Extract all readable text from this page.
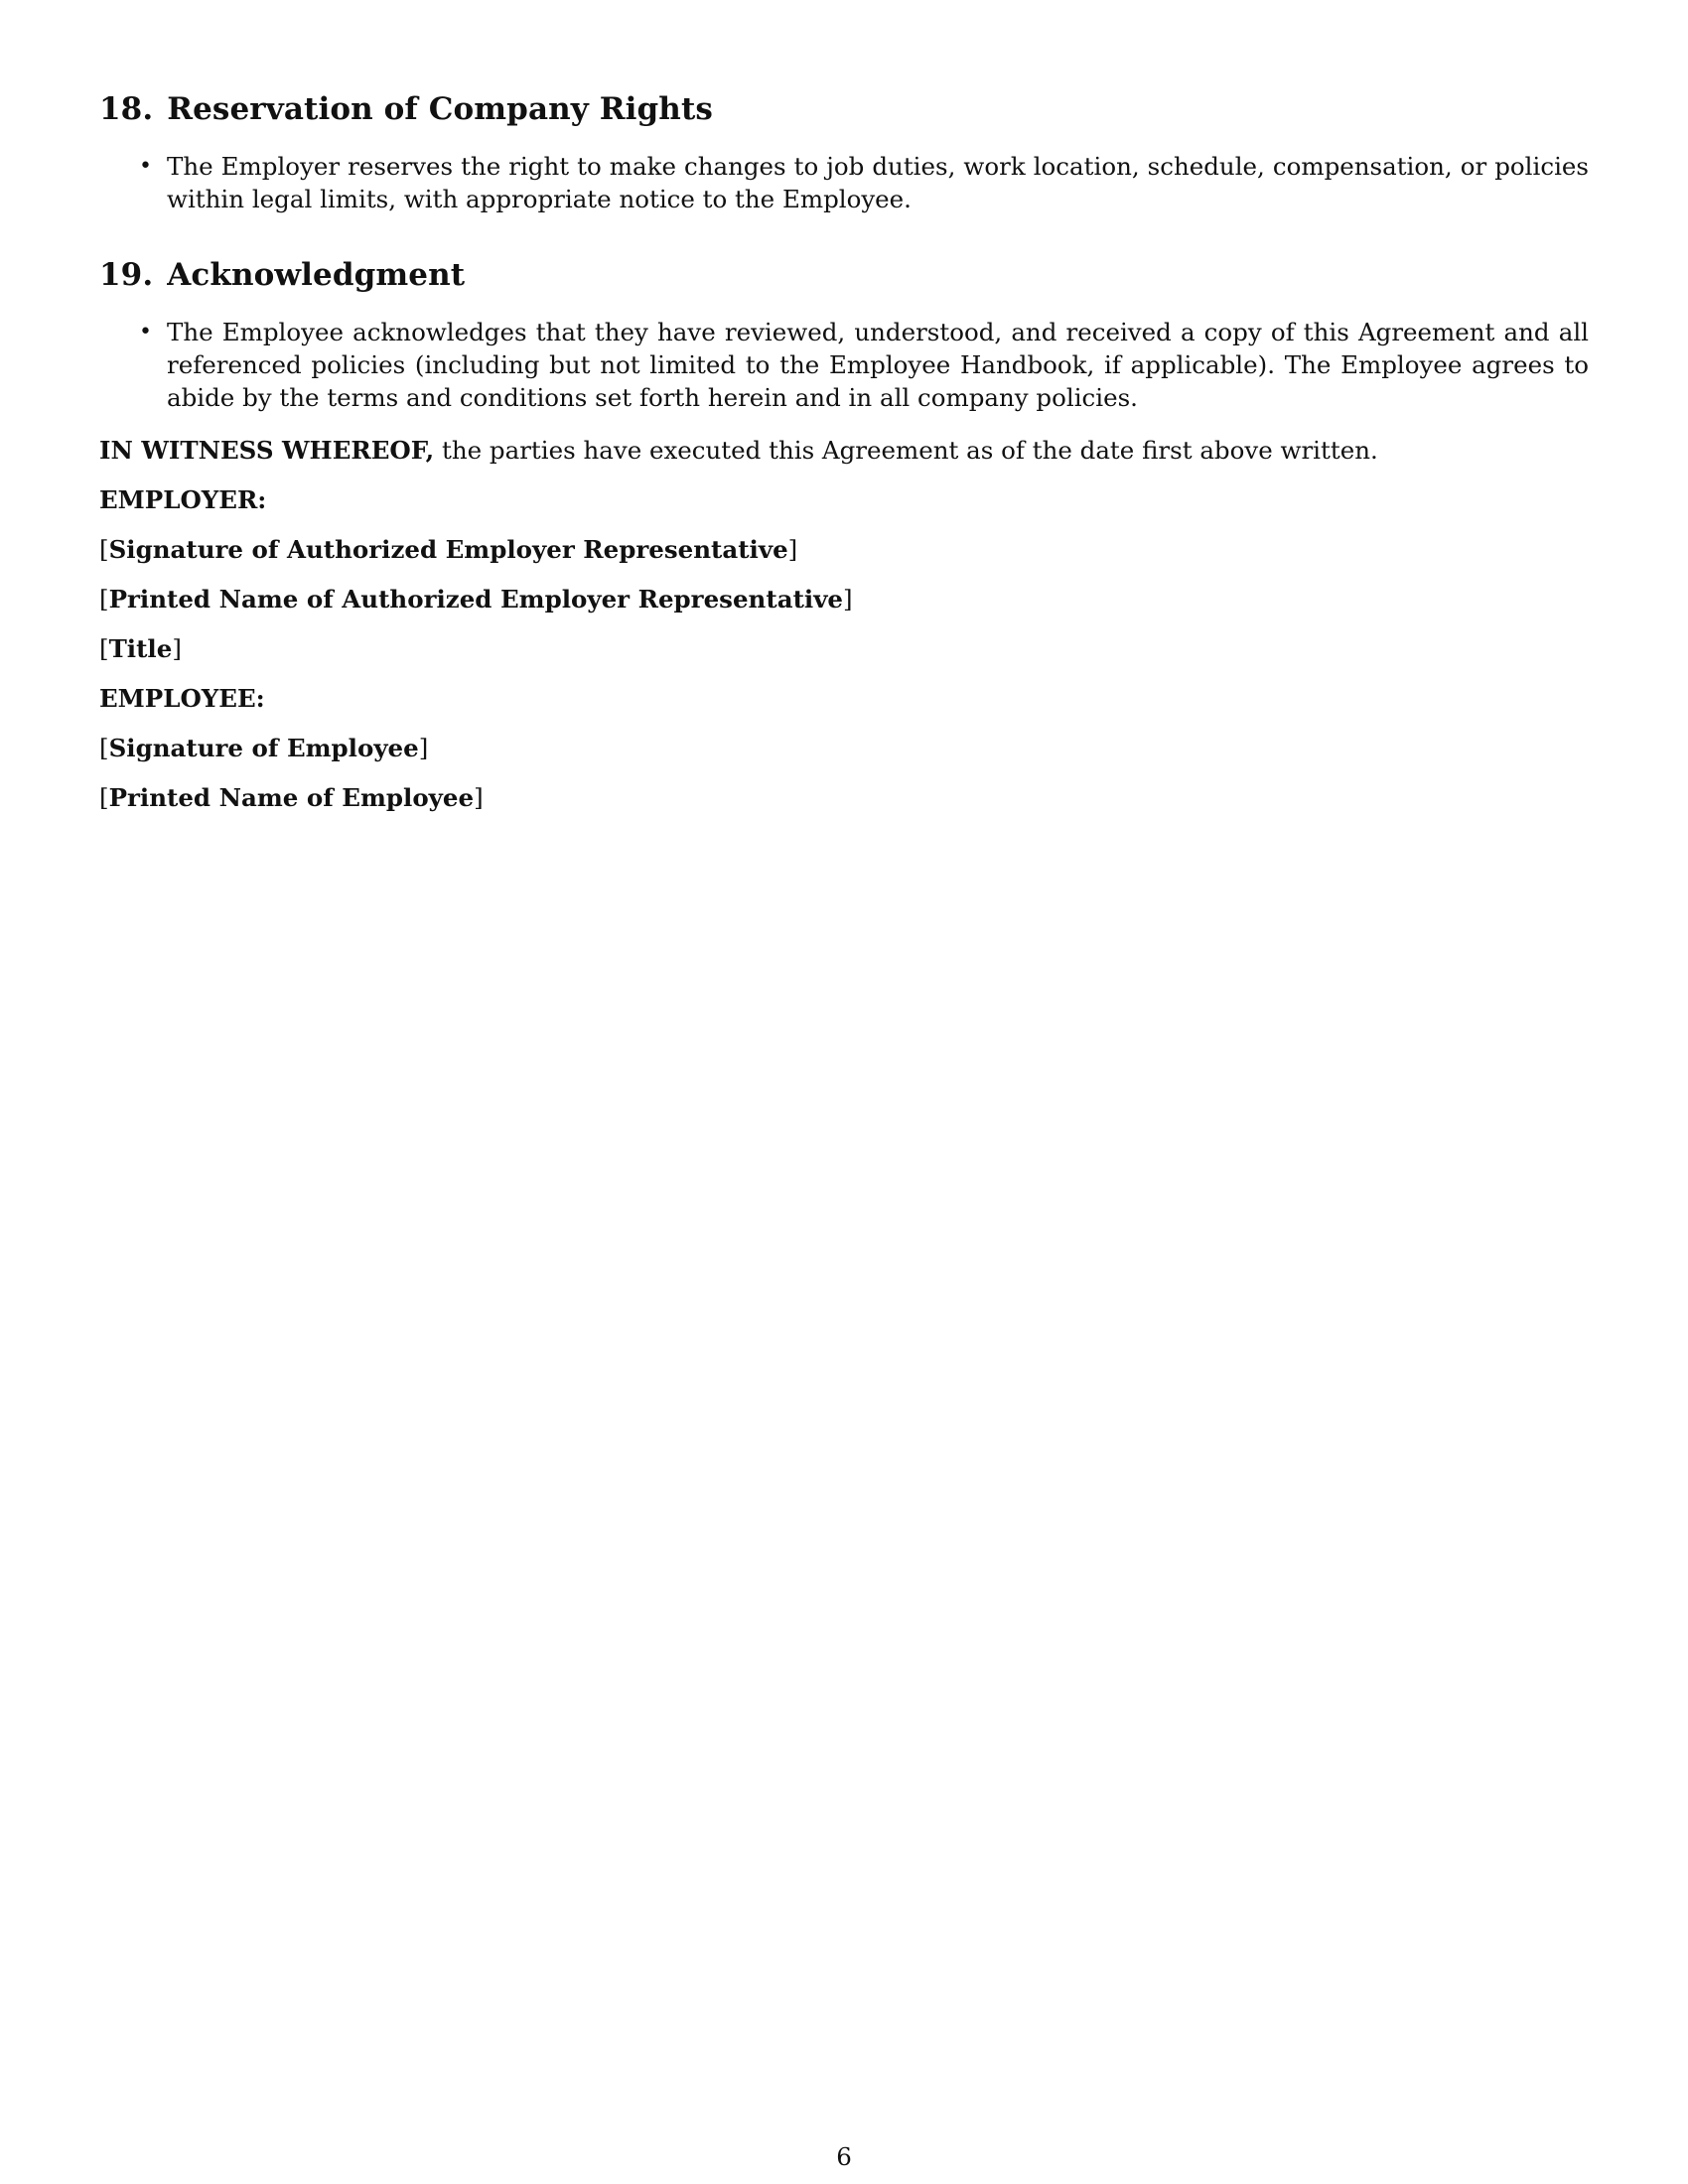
18. Reservation of Company Rights
• The Employer reserves the right to make changes to job duties, work location, schedule, compensation, or policies within legal limits, with appropriate notice to the Employee.
19. Acknowledgment
• The Employee acknowledges that they have reviewed, understood, and received a copy of this Agreement and all referenced policies (including but not limited to the Employee Handbook, if applicable). The Employee agrees to abide by the terms and conditions set forth herein and in all company policies.

IN WITNESS WHEREOF, the parties have executed this Agreement as of the date first above written.

EMPLOYER:

[Signature of Authorized Employer Representative]

[Printed Name of Authorized Employer Representative]

[Title]

EMPLOYEE:

[Signature of Employee]

[Printed Name of Employee]

6
